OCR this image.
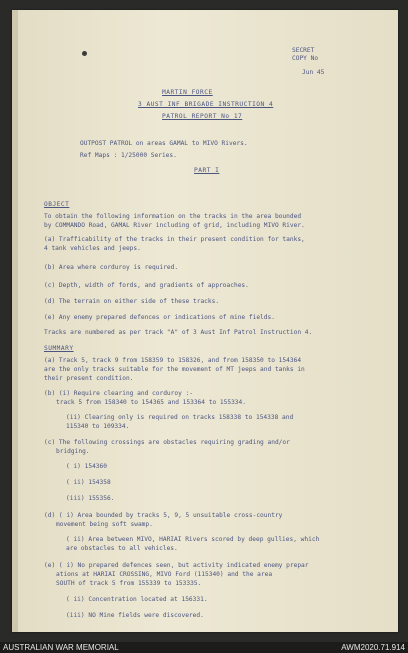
SECRET
COPY No
Jun 45
MARTIN FORCE
3 AUST INF BRIGADE INSTRUCTION 4
PATROL REPORT No 17
OUTPOST PATROL on areas GAMAL to MIVO Rivers.
Ref Maps : 1/25000 Series.
PART I
OBJECT
To obtain the following information on the tracks in the area bounded
by COMMANDO Road, GAMAL River including of grid, including MIVO River.
(a) Trafficability of the tracks in their present condition for tanks,
4 tank vehicles and jeeps.
(b) Area where corduroy is required.
(c) Depth, width of fords, and gradients of approaches.
(d) The terrain on either side of these tracks.
(e) Any enemy prepared defences or indications of mine fields.
Tracks are numbered as per track "A" of 3 Aust Inf Patrol Instruction 4.
SUMMARY
(a) Track 5, track 9 from 158359 to 158326, and from 158350 to 154364
are the only tracks suitable for the movement of MT jeeps and tanks in
their present condition.
(b) (i) Require clearing and corduroy :-
track 5 from 158340 to 154365 and 153364 to 155334.
(ii) Clearing only is required on tracks 158338 to 154338 and
115340 to 109334.
(c) The following crossings are obstacles requiring grading and/or
bridging.
( i) 154360
( ii) 154358
(iii) 155356.
(d) ( i) Area bounded by tracks 5, 9, 5 unsuitable cross-country
movement being soft swamp.
( ii) Area between MIVO, HARIAI Rivers scored by deep gullies, which
are obstacles to all vehicles.
(e) ( i) No prepared defences seen, but activity indicated enemy prepar
ations at HARIAI CROSSING, MIVO Ford (115340) and the area
SOUTH of track 5 from 155339 to 153335.
( ii) Concentration located at 156331.
(iii) NO Mine fields were discovered.
AUSTRALIAN WAR MEMORIAL	AWM2020.71.914
